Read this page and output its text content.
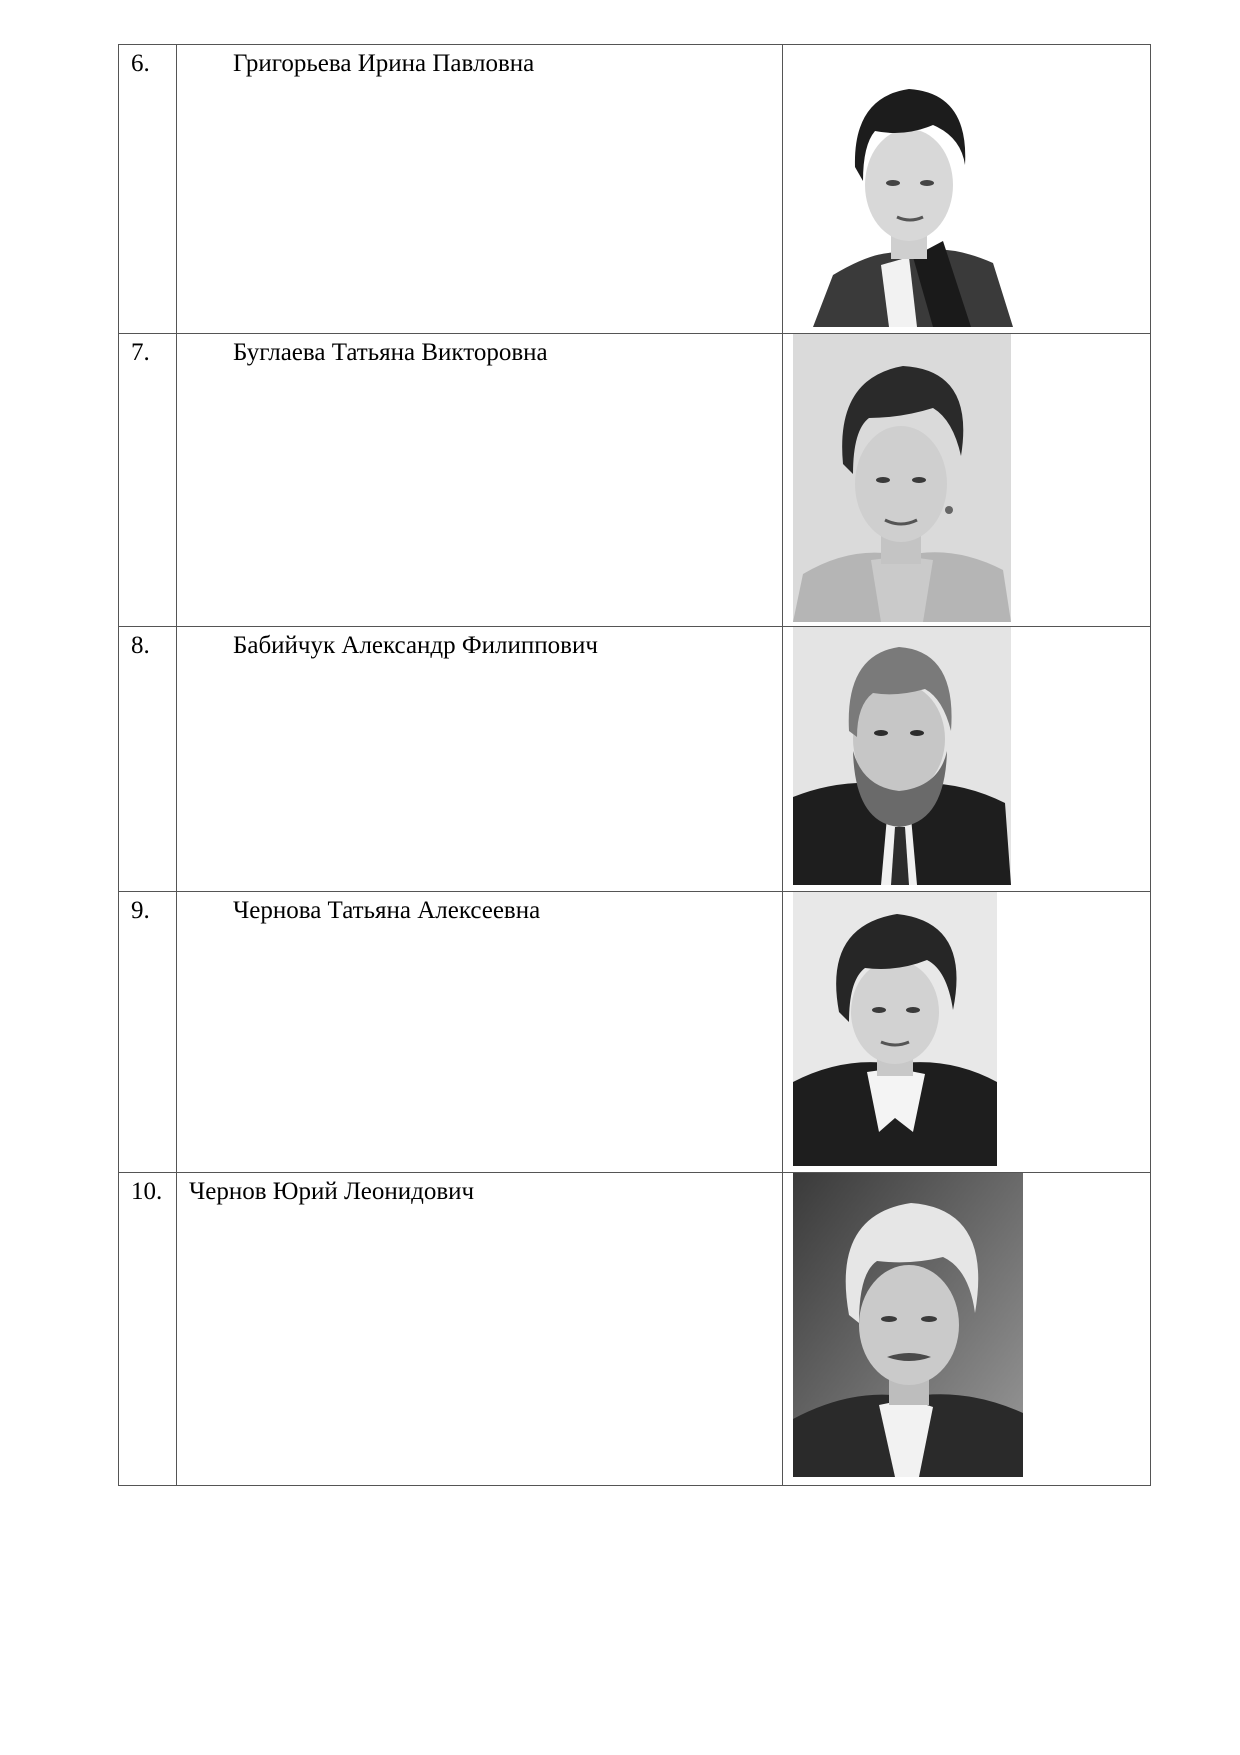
6.	Григорьева Ирина Павловна

7.	Буглаева Татьяна Викторовна

8.	Бабийчук Александр Филиппович

9.	Чернова Татьяна Алексеевна

10.	Чернов Юрий Леонидович
